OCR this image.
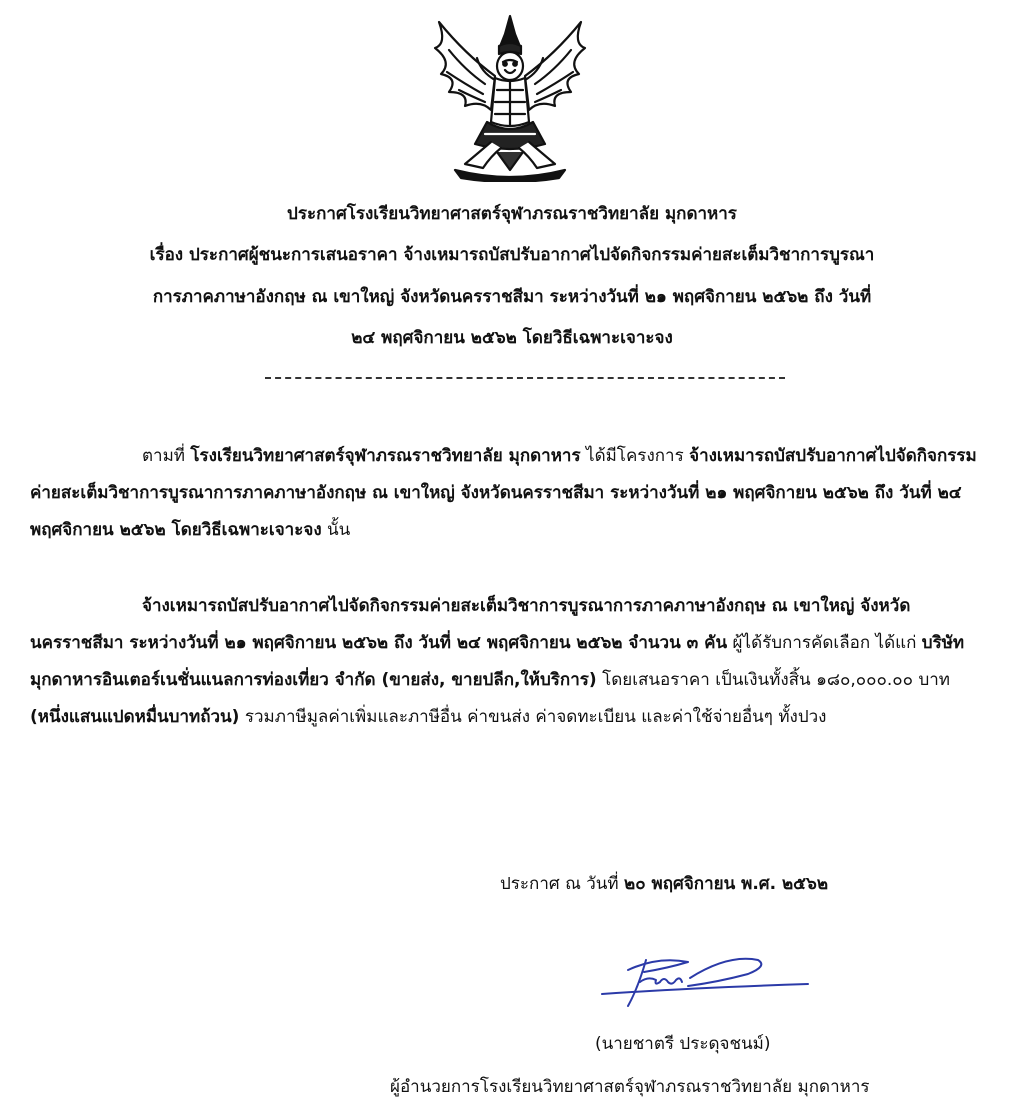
ประกาศโรงเรียนวิทยาศาสตร์จุฬาภรณราชวิทยาลัย มุกดาหาร
เรื่อง ประกาศผู้ชนะการเสนอราคา จ้างเหมารถบัสปรับอากาศไปจัดกิจกรรมค่ายสะเต็มวิชาการบูรณา
การภาคภาษาอังกฤษ ณ เขาใหญ่ จังหวัดนครราชสีมา ระหว่างวันที่ ๒๑ พฤศจิกายน ๒๕๖๒ ถึง วันที่
๒๔ พฤศจิกายน ๒๕๖๒ โดยวิธีเฉพาะเจาะจง
ตามที่ โรงเรียนวิทยาศาสตร์จุฬาภรณราชวิทยาลัย มุกดาหาร ได้มีโครงการ จ้างเหมารถบัสปรับอากาศไปจัดกิจกรรมค่ายสะเต็มวิชาการบูรณาการภาคภาษาอังกฤษ ณ เขาใหญ่ จังหวัดนครราชสีมา ระหว่างวันที่ ๒๑ พฤศจิกายน ๒๕๖๒ ถึง วันที่ ๒๔ พฤศจิกายน ๒๕๖๒ โดยวิธีเฉพาะเจาะจง นั้น
จ้างเหมารถบัสปรับอากาศไปจัดกิจกรรมค่ายสะเต็มวิชาการบูรณาการภาคภาษาอังกฤษ ณ เขาใหญ่ จังหวัดนครราชสีมา ระหว่างวันที่ ๒๑ พฤศจิกายน ๒๕๖๒ ถึง วันที่ ๒๔ พฤศจิกายน ๒๕๖๒ จำนวน ๓ คัน ผู้ได้รับการคัดเลือก ได้แก่ บริษัท มุกดาหารอินเตอร์เนชั่นแนลการท่องเที่ยว จำกัด (ขายส่ง, ขายปลีก,ให้บริการ) โดยเสนอราคา เป็นเงินทั้งสิ้น ๑๘๐,๐๐๐.๐๐ บาท (หนึ่งแสนแปดหมื่นบาทถ้วน) รวมภาษีมูลค่าเพิ่มและภาษีอื่น ค่าขนส่ง ค่าจดทะเบียน และค่าใช้จ่ายอื่นๆ ทั้งปวง
ประกาศ ณ วันที่ ๒๐ พฤศจิกายน พ.ศ. ๒๕๖๒
(นายชาตรี ประดุจชนม์)
ผู้อำนวยการโรงเรียนวิทยาศาสตร์จุฬาภรณราชวิทยาลัย มุกดาหาร
